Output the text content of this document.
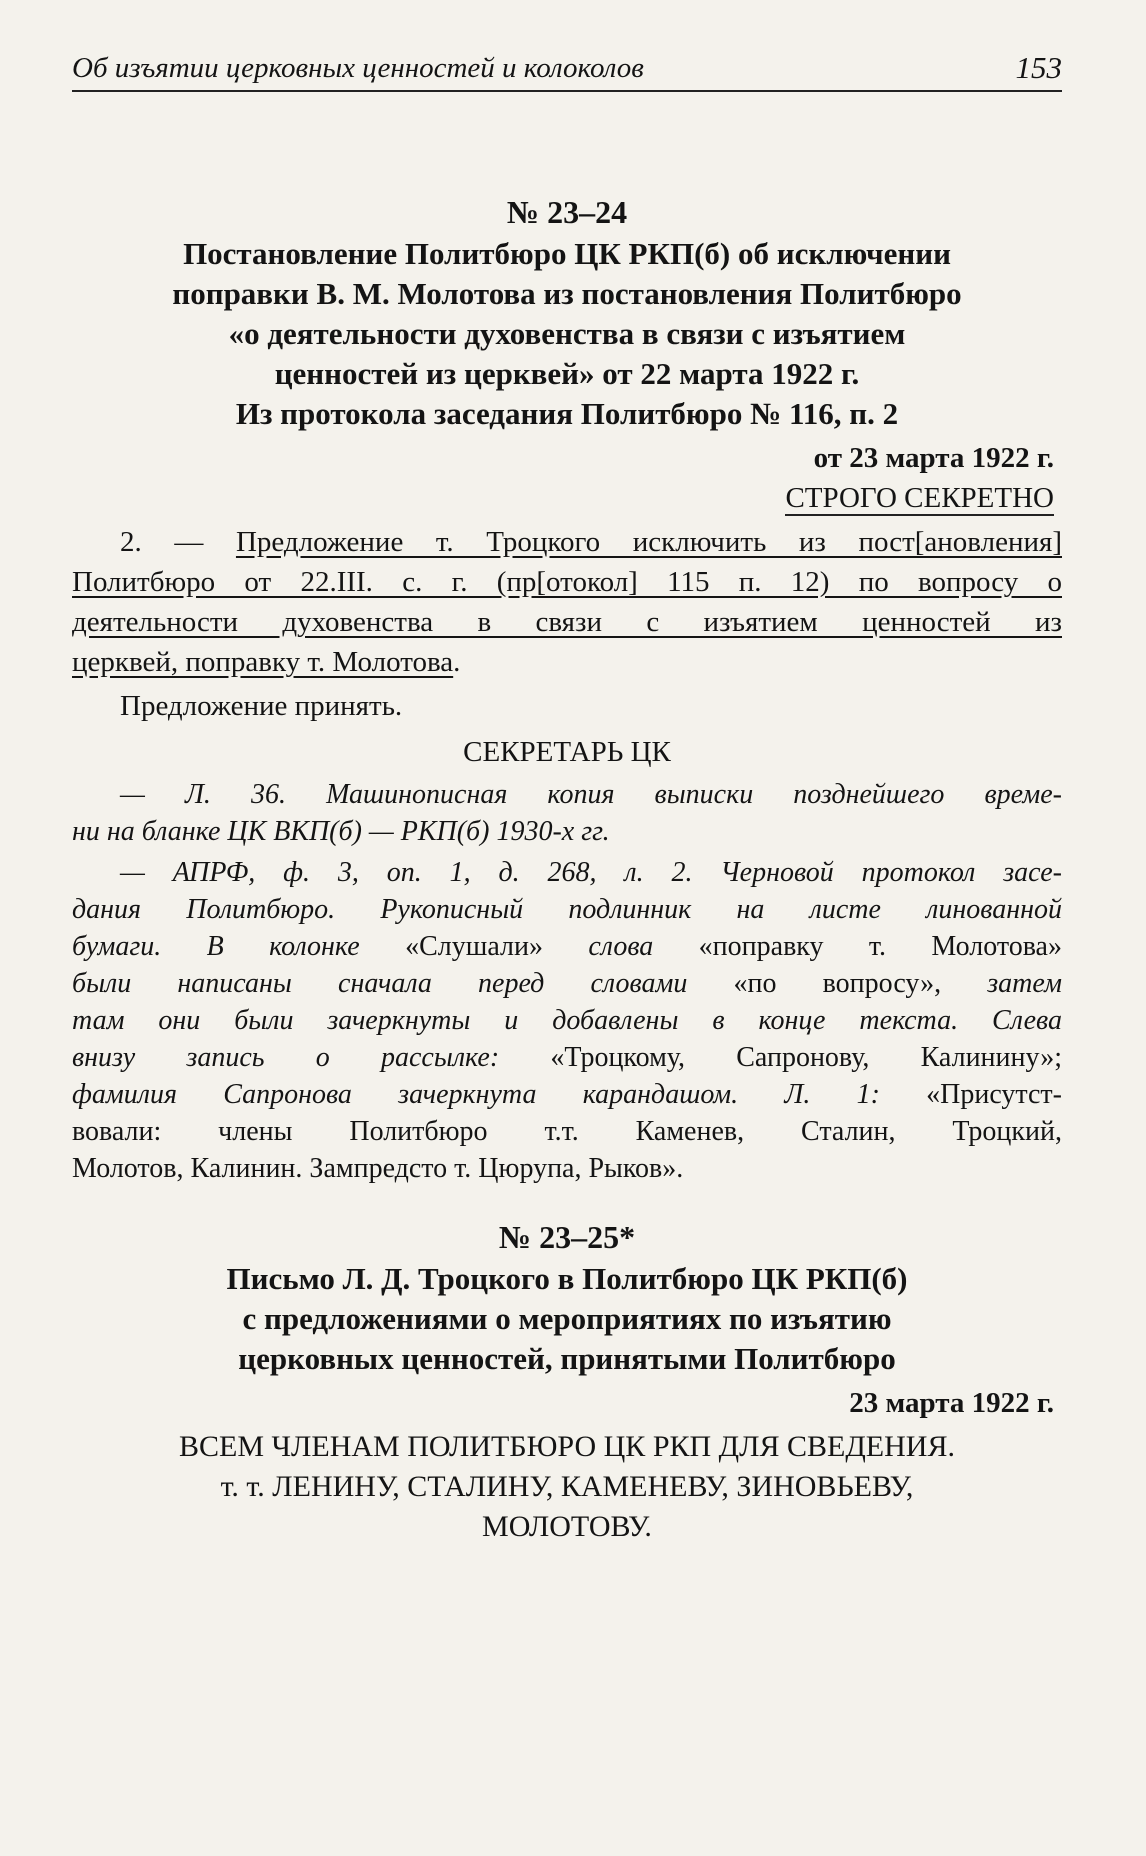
Об изъятии церковных ценностей и колоколов	153
№ 23–24
Постановление Политбюро ЦК РКП(б) об исключении
поправки В. М. Молотова из постановления Политбюро
«о деятельности духовенства в связи с изъятием
ценностей из церквей» от 22 марта 1922 г.
Из протокола заседания Политбюро № 116, п. 2
от 23 марта 1922 г.
СТРОГО СЕКРЕТНО
2. — Предложение т. Троцкого исключить из пост[ановления]
Политбюро от 22.III. с. г. (пр[отокол] 115 п. 12) по вопросу о
деятельности духовенства в связи с изъятием ценностей из
церквей, поправку т. Молотова.
Предложение принять.
СЕКРЕТАРЬ ЦК
— Л. 36. Машинописная копия выписки позднейшего време-
ни на бланке ЦК ВКП(б) — РКП(б) 1930-х гг.
— АПРФ, ф. 3, оп. 1, д. 268, л. 2. Черновой протокол засе-
дания Политбюро. Рукописный подлинник на листе линованной
бумаги. В колонке «Слушали» слова «поправку т. Молотова»
были написаны сначала перед словами «по вопросу», затем
там они были зачеркнуты и добавлены в конце текста. Слева
внизу запись о рассылке: «Троцкому, Сапронову, Калинину»;
фамилия Сапронова зачеркнута карандашом. Л. 1: «Присутст-
вовали: члены Политбюро т.т. Каменев, Сталин, Троцкий,
Молотов, Калинин. Зампредсто т. Цюрупа, Рыков».
№ 23–25*
Письмо Л. Д. Троцкого в Политбюро ЦК РКП(б)
с предложениями о мероприятиях по изъятию
церковных ценностей, принятыми Политбюро
23 марта 1922 г.
ВСЕМ ЧЛЕНАМ ПОЛИТБЮРО ЦК РКП ДЛЯ СВЕДЕНИЯ.
т. т. ЛЕНИНУ, СТАЛИНУ, КАМЕНЕВУ, ЗИНОВЬЕВУ,
МОЛОТОВУ.
